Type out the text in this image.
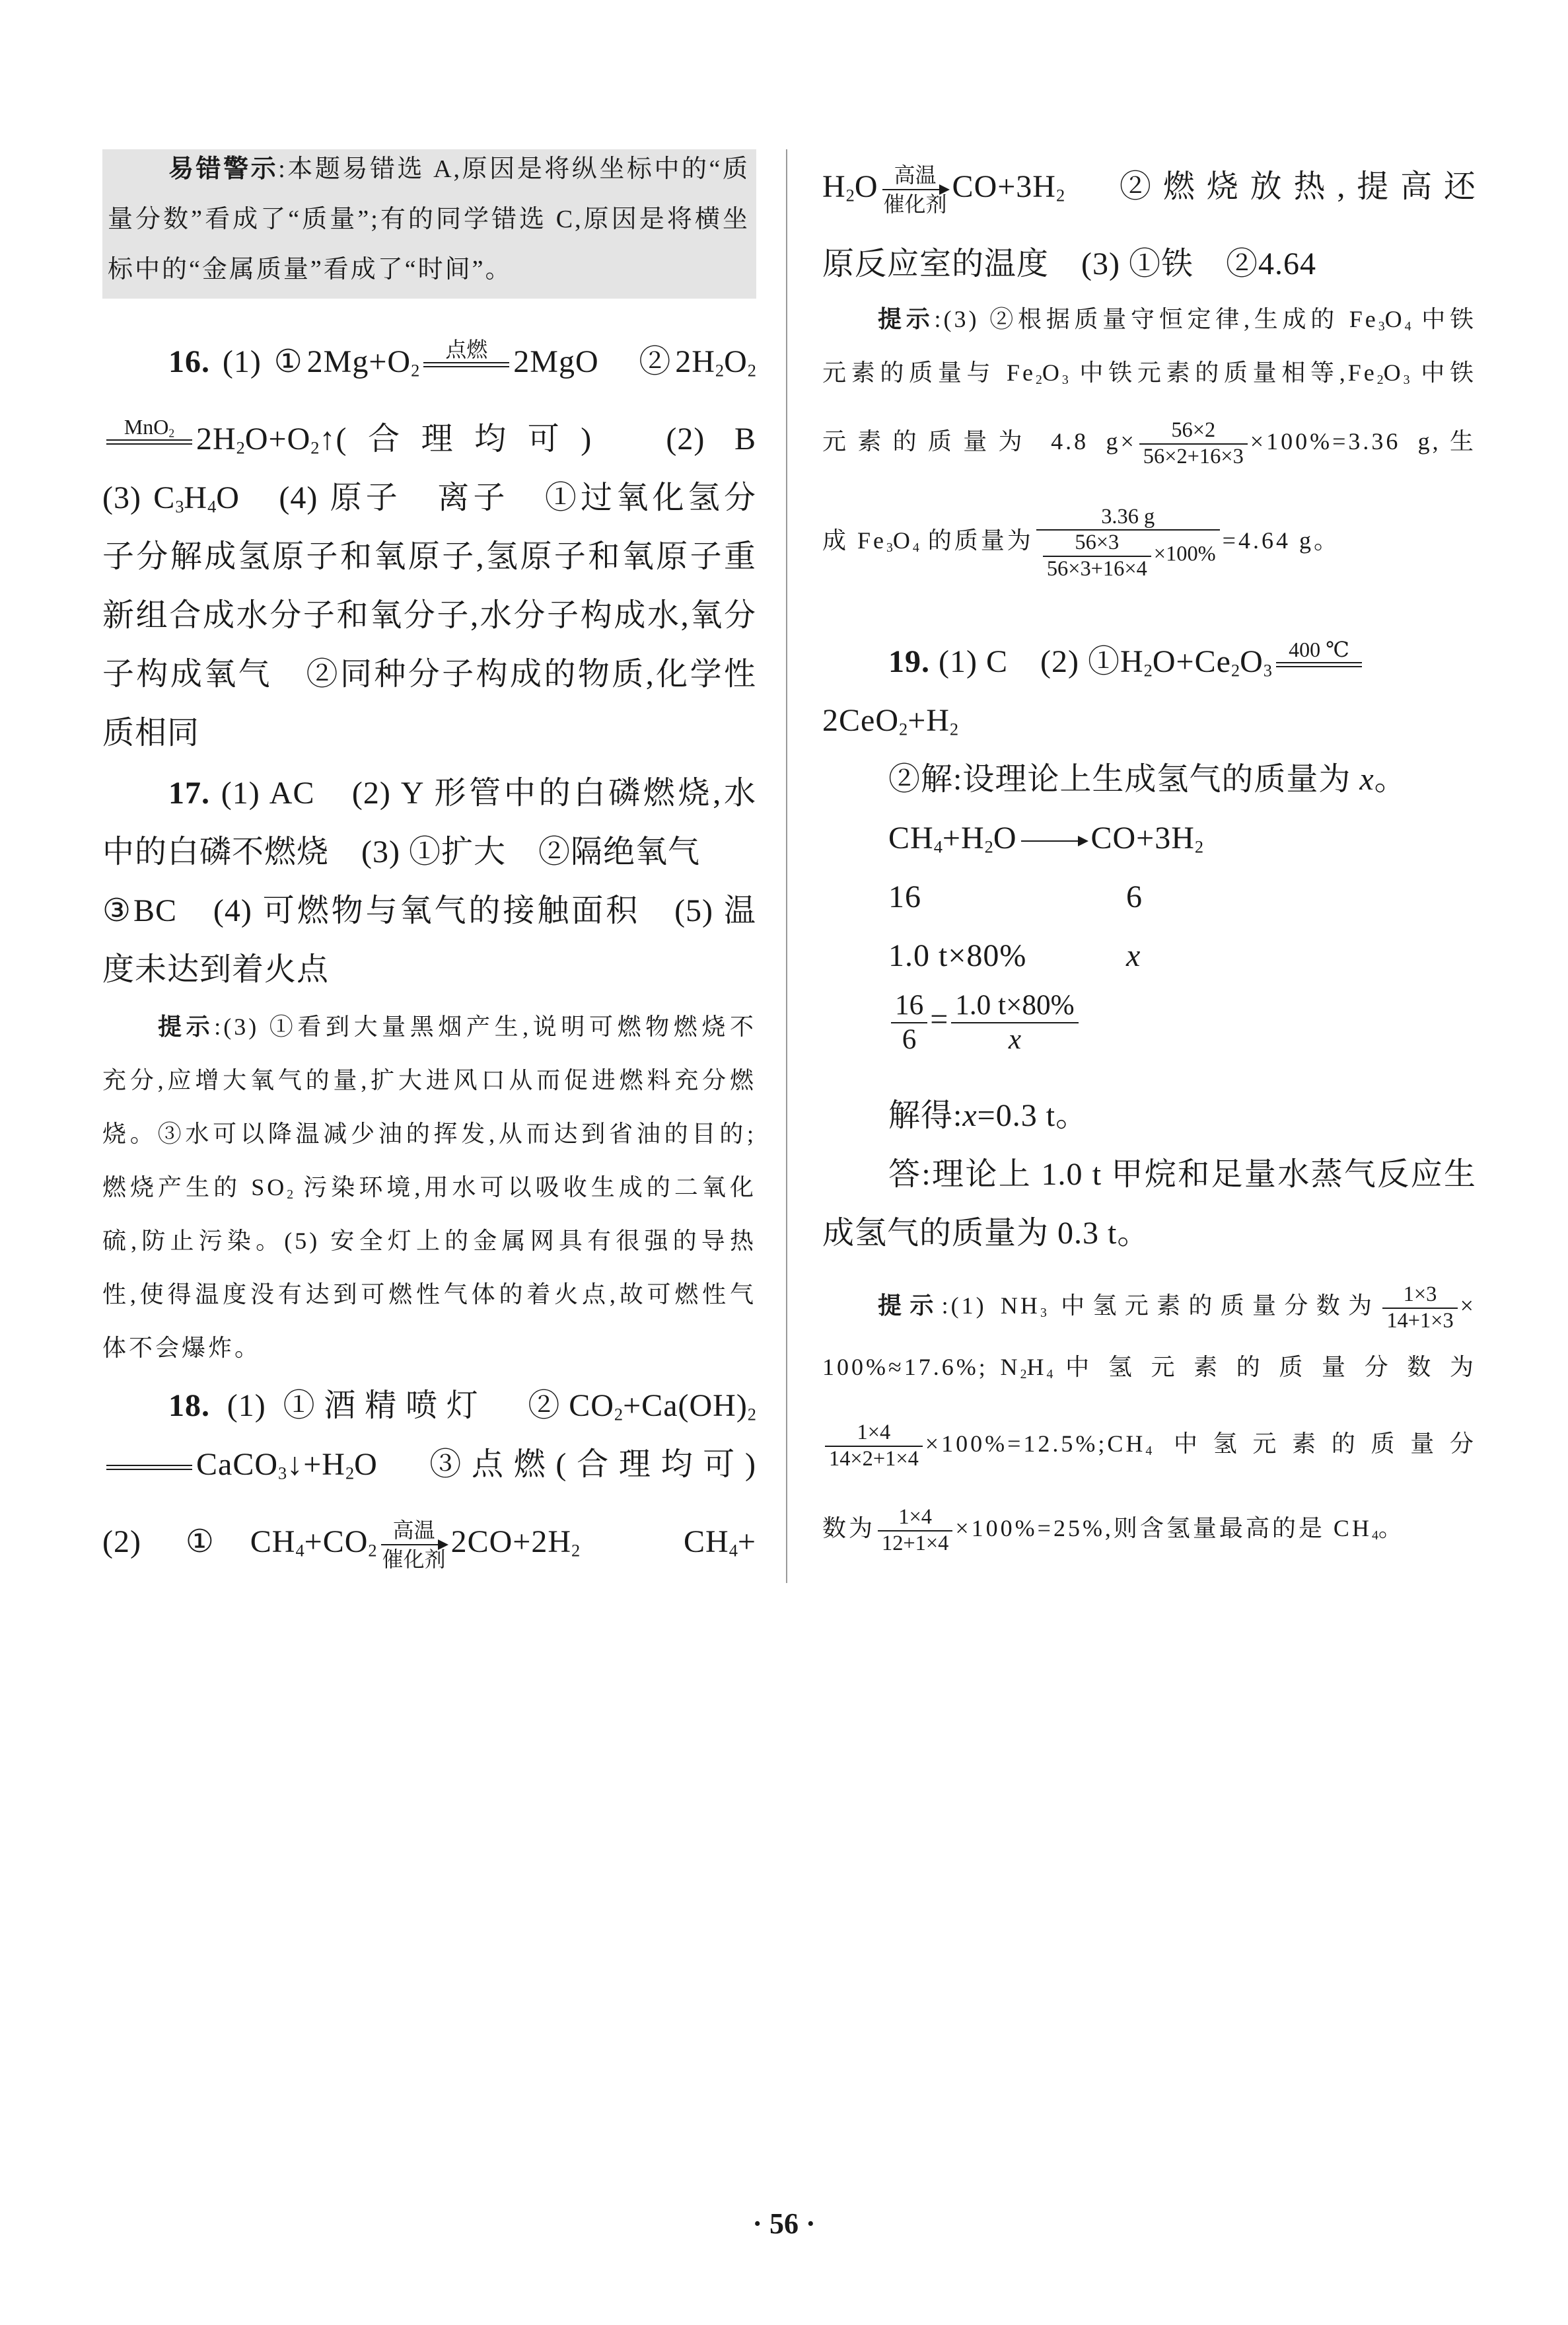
易错警示:本题易错选 A,原因是将纵坐标中的“质
量分数”看成了“质量”;有的同学错选 C,原因是将横坐
标中的“金属质量”看成了“时间”。
16. (1) ①2Mg+O2
点燃 2MgO　②2H2O2
MnO2 2H2O+O2↑(合理均可)　(2) B
(3) C3H4O　(4) 原子　离子　①过氧化氢分
子分解成氢原子和氧原子,氢原子和氧原子重
新组合成水分子和氧分子,水分子构成水,氧分
子构成氧气　②同种分子构成的物质,化学性
质相同
17. (1) AC　(2) Y 形管中的白磷燃烧,水
中的白磷不燃烧　(3) ①扩大　②隔绝氧气
③BC　(4) 可燃物与氧气的接触面积　(5) 温
度未达到着火点
提示:(3) ①看到大量黑烟产生,说明可燃物燃烧不
充分,应增大氧气的量,扩大进风口从而促进燃料充分燃
烧。③水可以降温减少油的挥发,从而达到省油的目的;
燃烧产生的 SO2 污染环境,用水可以吸收生成的二氧化
硫,防止污染。(5) 安全灯上的金属网具有很强的导热
性,使得温度没有达到可燃性气体的着火点,故可燃性气
体不会爆炸。
18. (1) ①酒精喷灯　②CO2+Ca(OH)2
CaCO3↓+H2O　③点燃(合理均可)
(2) ①CH4+CO2
高温
催化剂 2CO+2H2　CH4+
H2O 高温
催化剂 CO+3H2　②燃烧放热,提高还
原反应室的温度　(3) ①铁　②4.64
提示:(3) ②根据质量守恒定律,生成的 Fe3O4 中铁
元素的质量与 Fe2O3 中铁元素的质量相等,Fe2O3 中铁
元素的质量为 4.8 $g\times \frac{56\times 2}{56\times 2+16\times 3} \times 100\%=3.36$ g,生
成 Fe3O4 的质量为 $\frac{3.36 g}{\frac{56\times 3}{56\times 3+16\times 4} \times 100\%} =4.64$ g。
19. (1) C　(2) ①H2O+Ce2O3
400 ℃
2CeO2+H2
②解:设理论上生成氢气的质量为 x。
CH4+H2O→CO+3H2
16	6
1.0 t×80%	x
$\frac{16}{6} = \frac{1.0 t\times 80\%}{x}$
解得:x=0.3 t。
答:理论上 1.0 t 甲烷和足量水蒸气反应生
成氢气的质量为 0.3 t。
提示:(1) NH3 中氢元素的质量分数为 $\frac{1\times 3}{14+1\times 3}$ ×
100%≈17.6%; N2H4 中 氢 元 素 的 质 量 分 数 为
$\frac{1\times 4}{14\times 2+1\times 4}$ ×100%=12.5%;CH4 中氢元素的质量分
数为 $\frac{1\times 4}{12+1\times 4} \times 100\%=25\%$,则含氢量最高的是 CH4。
· 56 ·
